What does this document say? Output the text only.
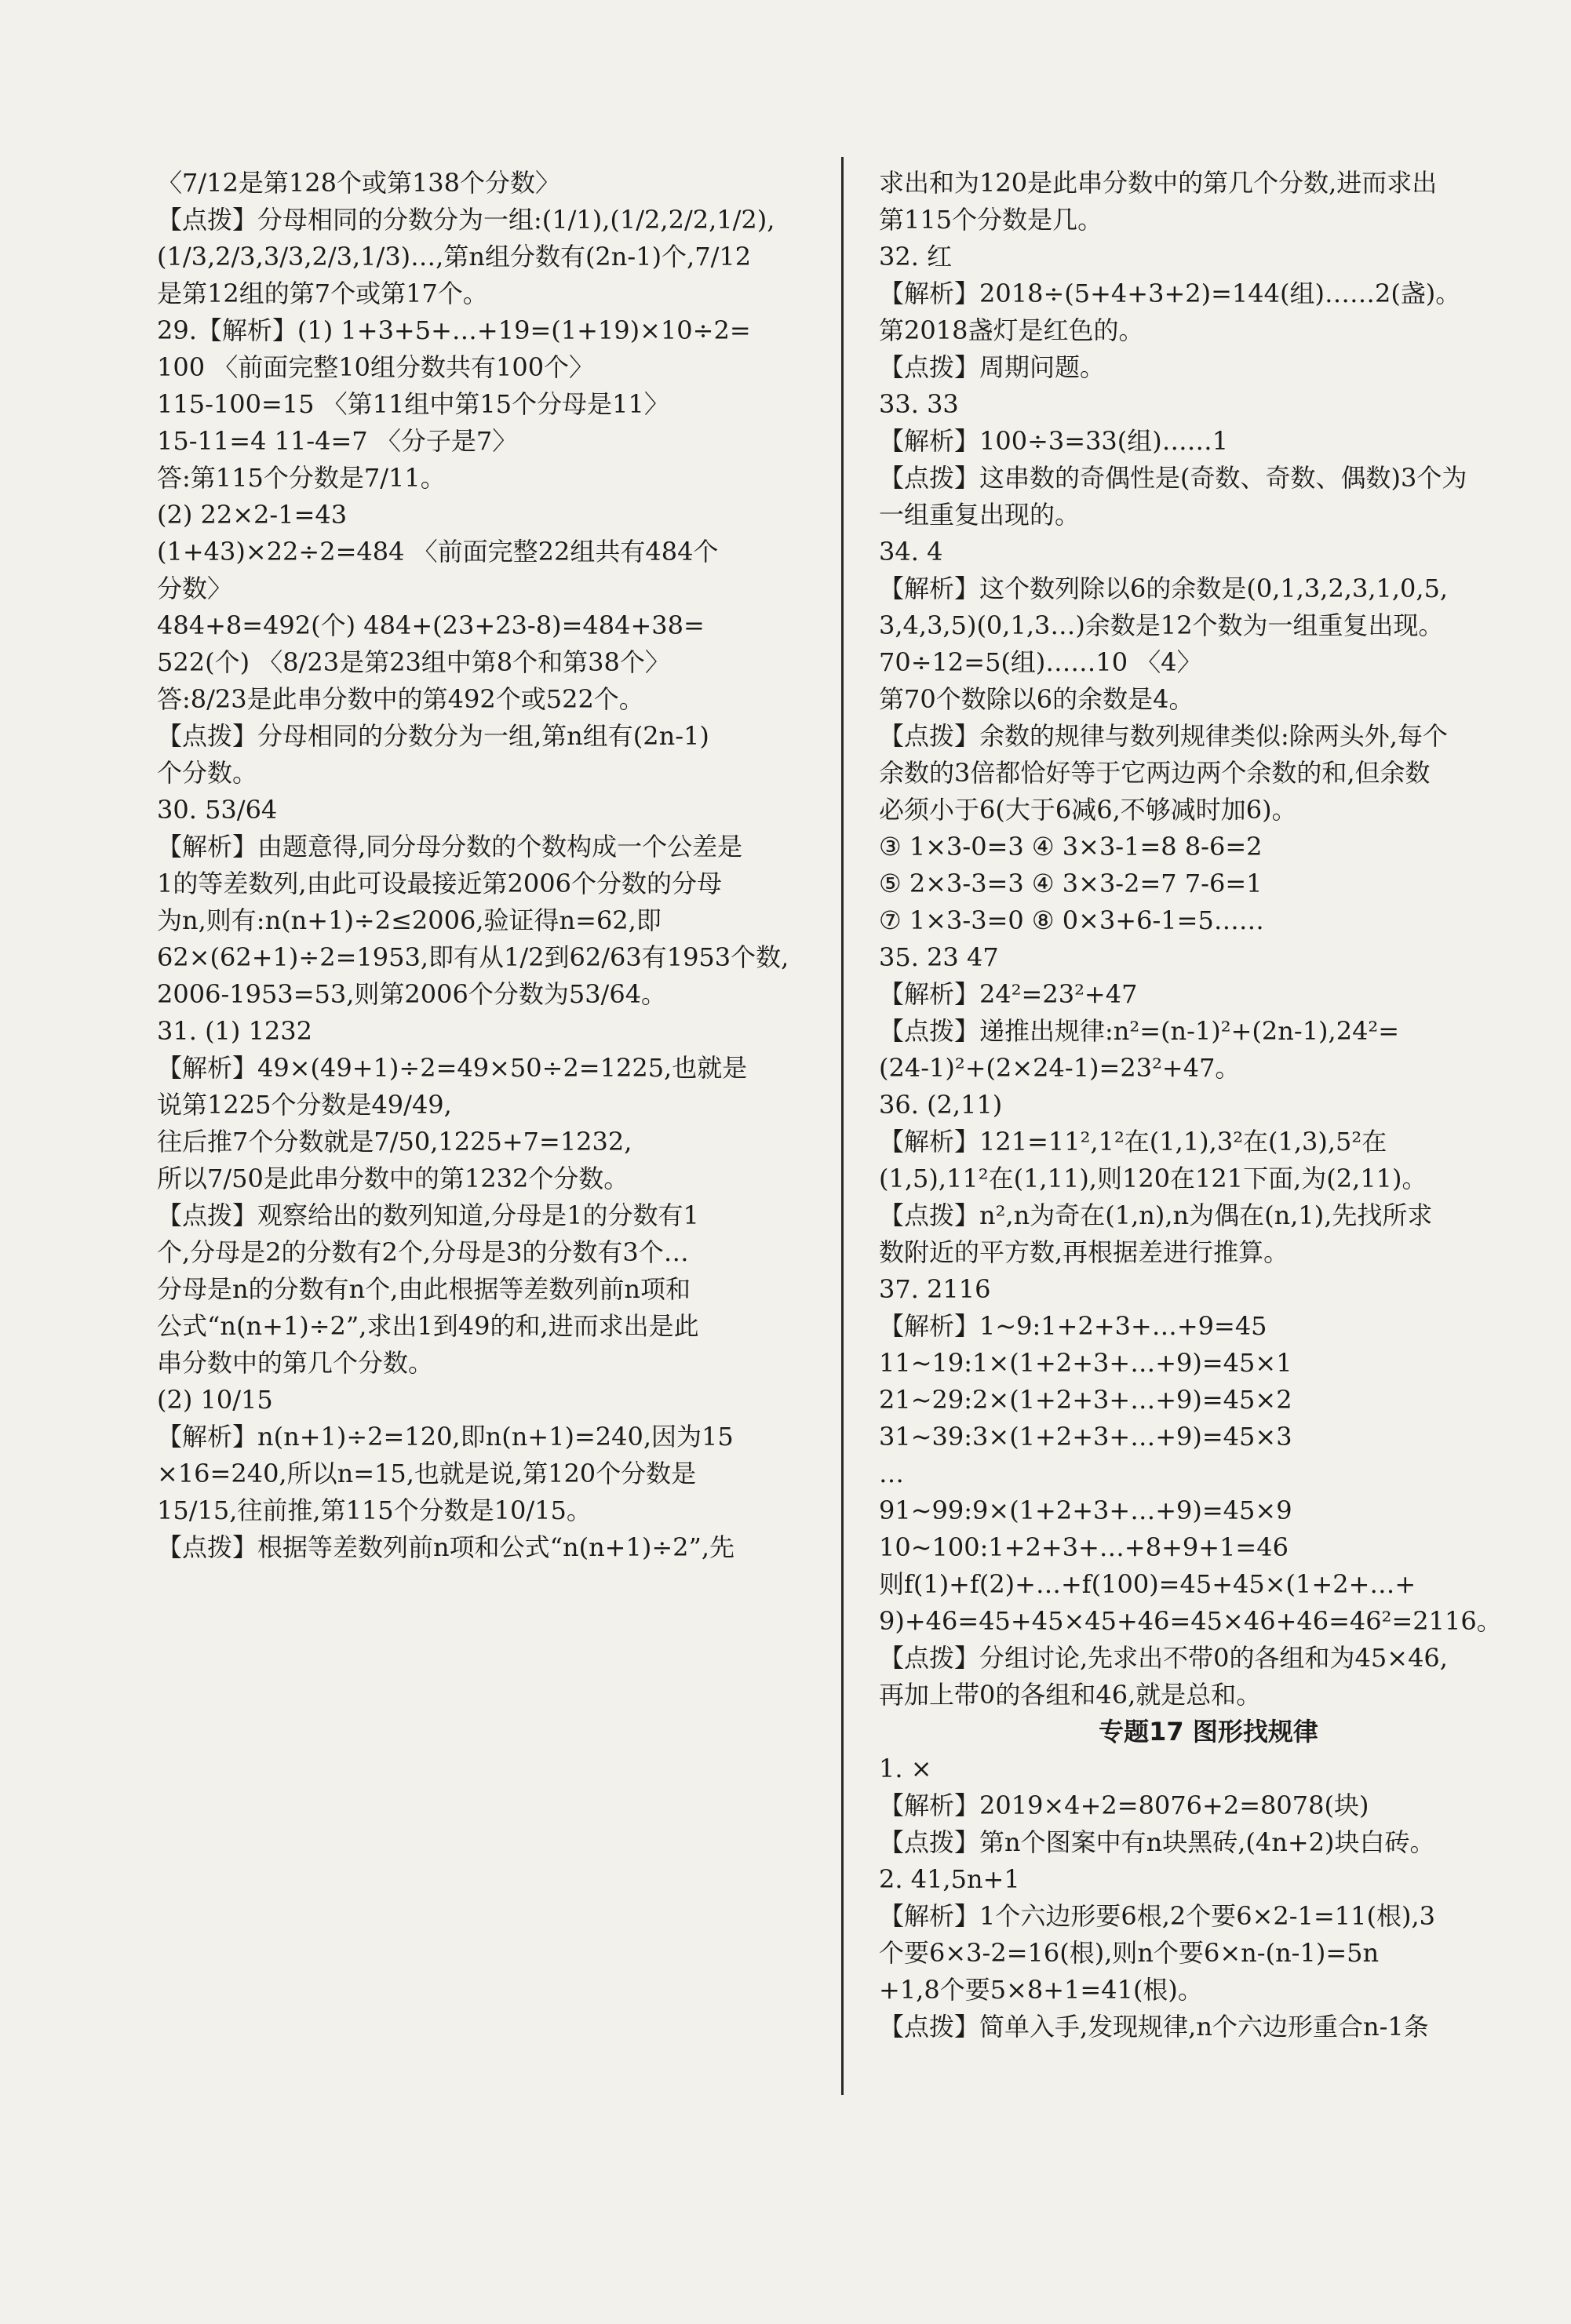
〈7/12是第128个或第138个分数〉
【点拨】分母相同的分数分为一组:(1/1),(1/2,2/2,1/2),
(1/3,2/3,3/3,2/3,1/3)…,第n组分数有(2n-1)个,7/12
是第12组的第7个或第17个。
29.【解析】(1) 1+3+5+…+19=(1+19)×10÷2=
100 〈前面完整10组分数共有100个〉
115-100=15 〈第11组中第15个分母是11〉
15-11=4 11-4=7 〈分子是7〉
答:第115个分数是7/11。
(2) 22×2-1=43
(1+43)×22÷2=484 〈前面完整22组共有484个
分数〉
484+8=492(个) 484+(23+23-8)=484+38=
522(个) 〈8/23是第23组中第8个和第38个〉
答:8/23是此串分数中的第492个或522个。
【点拨】分母相同的分数分为一组,第n组有(2n-1)
个分数。
30. 53/64
【解析】由题意得,同分母分数的个数构成一个公差是
1的等差数列,由此可设最接近第2006个分数的分母
为n,则有:n(n+1)÷2≤2006,验证得n=62,即
62×(62+1)÷2=1953,即有从1/2到62/63有1953个数,
2006-1953=53,则第2006个分数为53/64。
31. (1) 1232
【解析】49×(49+1)÷2=49×50÷2=1225,也就是
说第1225个分数是49/49,
往后推7个分数就是7/50,1225+7=1232,
所以7/50是此串分数中的第1232个分数。
【点拨】观察给出的数列知道,分母是1的分数有1
个,分母是2的分数有2个,分母是3的分数有3个…
分母是n的分数有n个,由此根据等差数列前n项和
公式“n(n+1)÷2”,求出1到49的和,进而求出是此
串分数中的第几个分数。
(2) 10/15
【解析】n(n+1)÷2=120,即n(n+1)=240,因为15
×16=240,所以n=15,也就是说,第120个分数是
15/15,往前推,第115个分数是10/15。
【点拨】根据等差数列前n项和公式“n(n+1)÷2”,先
求出和为120是此串分数中的第几个分数,进而求出
第115个分数是几。
32. 红
【解析】2018÷(5+4+3+2)=144(组)……2(盏)。
第2018盏灯是红色的。
【点拨】周期问题。
33. 33
【解析】100÷3=33(组)……1
【点拨】这串数的奇偶性是(奇数、奇数、偶数)3个为
一组重复出现的。
34. 4
【解析】这个数列除以6的余数是(0,1,3,2,3,1,0,5,
3,4,3,5)(0,1,3…)余数是12个数为一组重复出现。
70÷12=5(组)……10 〈4〉
第70个数除以6的余数是4。
【点拨】余数的规律与数列规律类似:除两头外,每个
余数的3倍都恰好等于它两边两个余数的和,但余数
必须小于6(大于6减6,不够减时加6)。
③ 1×3-0=3 ④ 3×3-1=8 8-6=2
⑤ 2×3-3=3 ④ 3×3-2=7 7-6=1
⑦ 1×3-3=0 ⑧ 0×3+6-1=5……
35. 23 47
【解析】24²=23²+47
【点拨】递推出规律:n²=(n-1)²+(2n-1),24²=
(24-1)²+(2×24-1)=23²+47。
36. (2,11)
【解析】121=11²,1²在(1,1),3²在(1,3),5²在
(1,5),11²在(1,11),则120在121下面,为(2,11)。
【点拨】n²,n为奇在(1,n),n为偶在(n,1),先找所求
数附近的平方数,再根据差进行推算。
37. 2116
【解析】1~9:1+2+3+…+9=45
11~19:1×(1+2+3+…+9)=45×1
21~29:2×(1+2+3+…+9)=45×2
31~39:3×(1+2+3+…+9)=45×3
…
91~99:9×(1+2+3+…+9)=45×9
10~100:1+2+3+…+8+9+1=46
则f(1)+f(2)+…+f(100)=45+45×(1+2+…+
9)+46=45+45×45+46=45×46+46=46²=2116。
【点拨】分组讨论,先求出不带0的各组和为45×46,
再加上带0的各组和46,就是总和。
专题17 图形找规律
1. ×
【解析】2019×4+2=8076+2=8078(块)
【点拨】第n个图案中有n块黑砖,(4n+2)块白砖。
2. 41,5n+1
【解析】1个六边形要6根,2个要6×2-1=11(根),3
个要6×3-2=16(根),则n个要6×n-(n-1)=5n
+1,8个要5×8+1=41(根)。
【点拨】简单入手,发现规律,n个六边形重合n-1条
